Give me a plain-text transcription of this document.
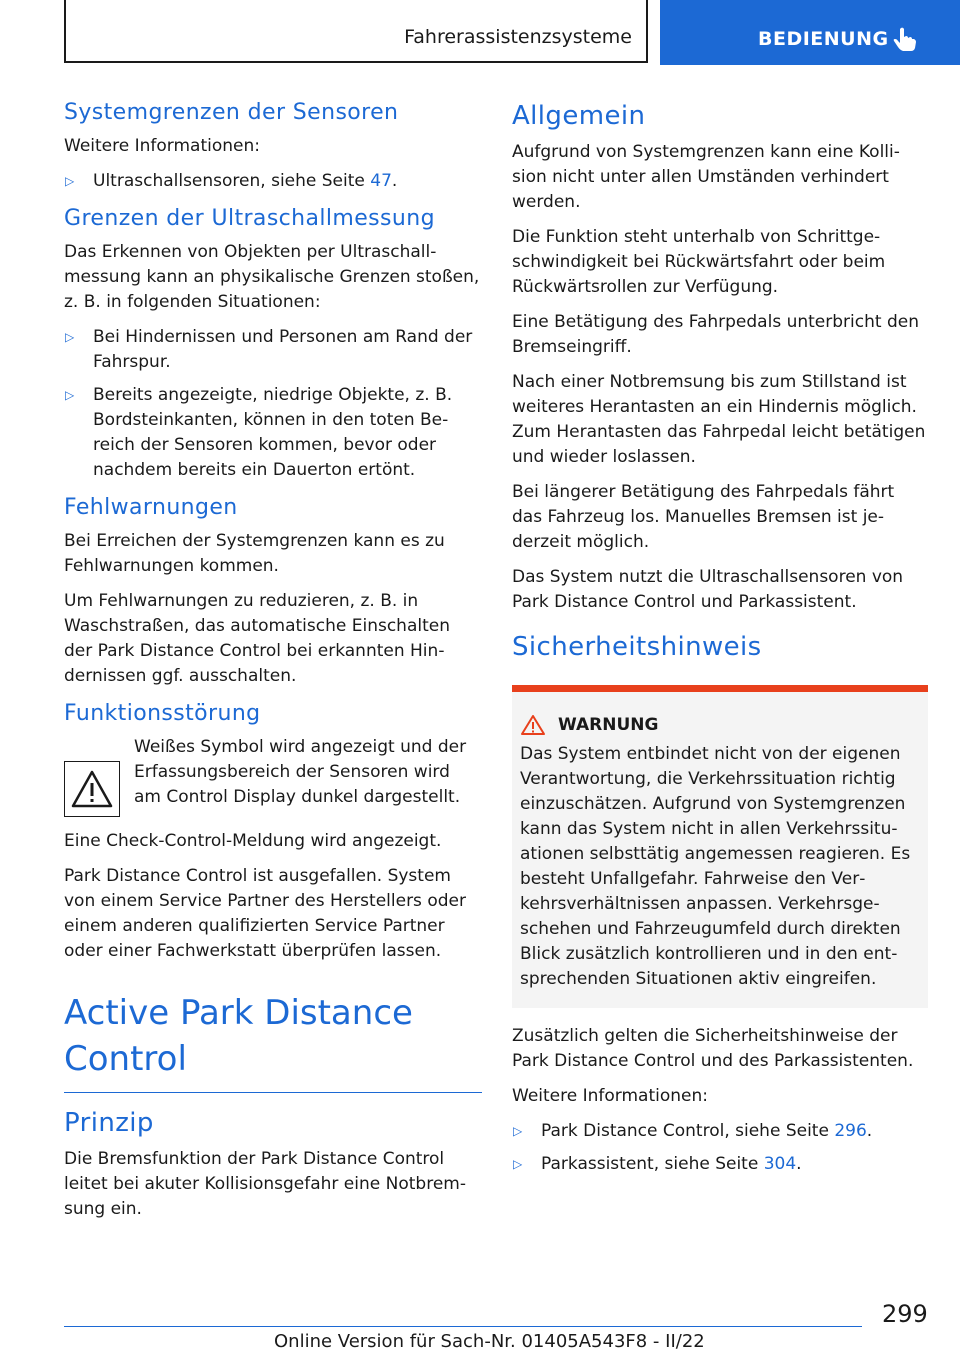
Fahrerassistenzsysteme	BEDIENUNG
Systemgrenzen der Sensoren

Weitere Informationen:

▷ Ultraschallsensoren, siehe Seite 47.
Grenzen der Ultraschallmessung

Das Erkennen von Objekten per Ultraschallmessung kann an physikalische Grenzen stoßen, z. B. in folgenden Situationen:

▷ Bei Hindernissen und Personen am Rand der Fahrspur.
▷ Bereits angezeigte, niedrige Objekte, z. B. Bordsteinkanten, können in den toten Bereich der Sensoren kommen, bevor oder nachdem bereits ein Dauerton ertönt.
Fehlwarnungen

Bei Erreichen der Systemgrenzen kann es zu Fehlwarnungen kommen.

Um Fehlwarnungen zu reduzieren, z. B. in Waschstraßen, das automatische Einschalten der Park Distance Control bei erkannten Hindernissen ggf. ausschalten.

Funktionsstörung

Weißes Symbol wird angezeigt und der Erfassungsbereich der Sensoren wird am Control Display dunkel dargestellt.

Eine Check-Control-Meldung wird angezeigt.

Park Distance Control ist ausgefallen. System von einem Service Partner des Herstellers oder einem anderen qualifizierten Service Partner oder einer Fachwerkstatt überprüfen lassen.

Active Park Distance Control
Prinzip

Die Bremsfunktion der Park Distance Control leitet bei akuter Kollisionsgefahr eine Notbremsung ein.

Allgemein

Aufgrund von Systemgrenzen kann eine Kollision nicht unter allen Umständen verhindert werden.

Die Funktion steht unterhalb von Schrittgeschwindigkeit bei Rückwärtsfahrt oder beim Rückwärtsrollen zur Verfügung.

Eine Betätigung des Fahrpedals unterbricht den Bremseingriff.

Nach einer Notbremsung bis zum Stillstand ist weiteres Herantasten an ein Hindernis möglich. Zum Herantasten das Fahrpedal leicht betätigen und wieder loslassen.

Bei längerer Betätigung des Fahrpedals fährt das Fahrzeug los. Manuelles Bremsen ist jederzeit möglich.

Das System nutzt die Ultraschallsensoren von Park Distance Control und Parkassistent.

Sicherheitshinweis
WARNUNG

Das System entbindet nicht von der eigenen Verantwortung, die Verkehrssituation richtig einzuschätzen. Aufgrund von Systemgrenzen kann das System nicht in allen Verkehrssituationen selbsttätig angemessen reagieren. Es besteht Unfallgefahr. Fahrweise den Verkehrsverhältnissen anpassen. Verkehrsgeschehen und Fahrzeugumfeld durch direkten Blick zusätzlich kontrollieren und in den entsprechenden Situationen aktiv eingreifen.

Zusätzlich gelten die Sicherheitshinweise der Park Distance Control und des Parkassistenten.

Weitere Informationen:

▷ Park Distance Control, siehe Seite 296.
▷ Parkassistent, siehe Seite 304.
299
Online Version für Sach-Nr. 01405A543F8 - II/22
